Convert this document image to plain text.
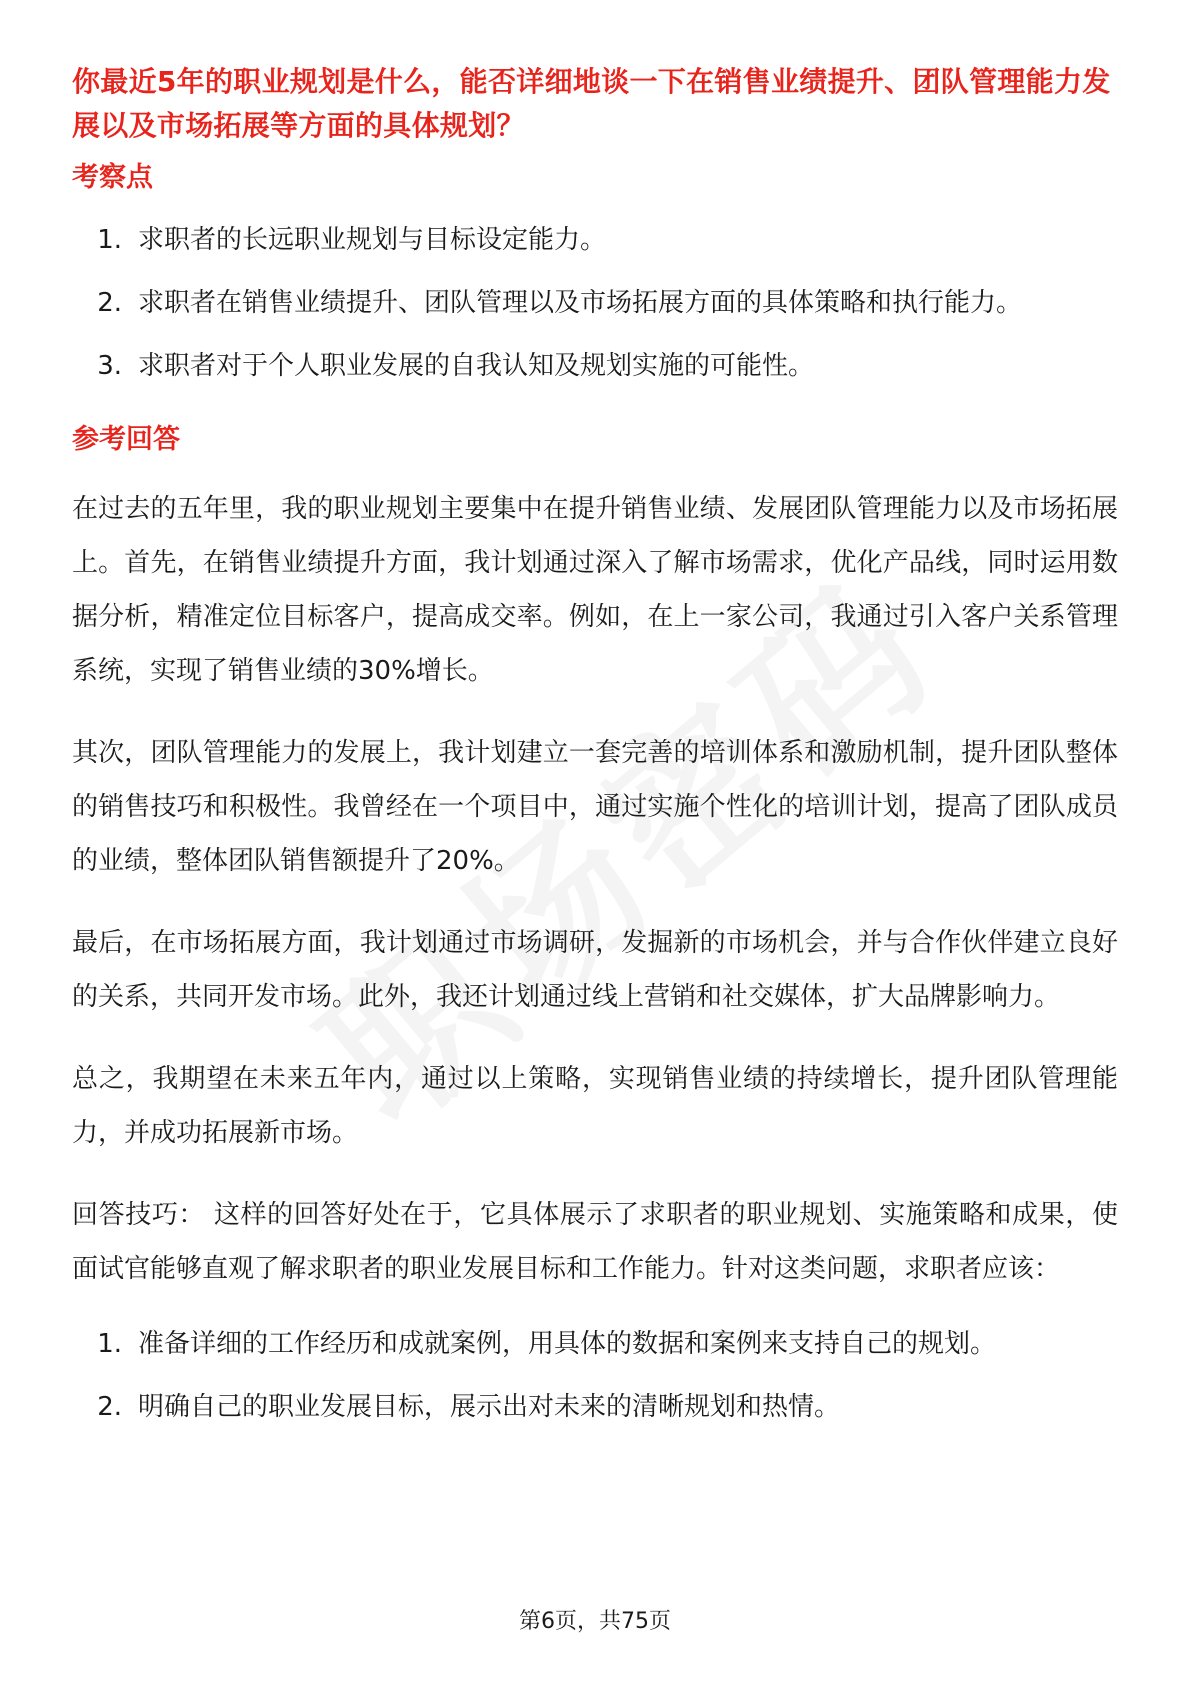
你最近5年的职业规划是什么，能否详细地谈一下在销售业绩提升、团队管理能力发展以及市场拓展等方面的具体规划？

考察点

1. 求职者的长远职业规划与目标设定能力。
2. 求职者在销售业绩提升、团队管理以及市场拓展方面的具体策略和执行能力。
3. 求职者对于个人职业发展的自我认知及规划实施的可能性。

参考回答

在过去的五年里，我的职业规划主要集中在提升销售业绩、发展团队管理能力以及市场拓展上。首先，在销售业绩提升方面，我计划通过深入了解市场需求，优化产品线，同时运用数据分析，精准定位目标客户，提高成交率。例如，在上一家公司，我通过引入客户关系管理系统，实现了销售业绩的30%增长。

其次，团队管理能力的发展上，我计划建立一套完善的培训体系和激励机制，提升团队整体的销售技巧和积极性。我曾经在一个项目中，通过实施个性化的培训计划，提高了团队成员的业绩，整体团队销售额提升了20%。

最后，在市场拓展方面，我计划通过市场调研，发掘新的市场机会，并与合作伙伴建立良好的关系，共同开发市场。此外，我还计划通过线上营销和社交媒体，扩大品牌影响力。

总之，我期望在未来五年内，通过以上策略，实现销售业绩的持续增长，提升团队管理能力，并成功拓展新市场。

回答技巧： 这样的回答好处在于，它具体展示了求职者的职业规划、实施策略和成果，使面试官能够直观了解求职者的职业发展目标和工作能力。针对这类问题，求职者应该：

1. 准备详细的工作经历和成就案例，用具体的数据和案例来支持自己的规划。
2. 明确自己的职业发展目标，展示出对未来的清晰规划和热情。
第6页，共75页
